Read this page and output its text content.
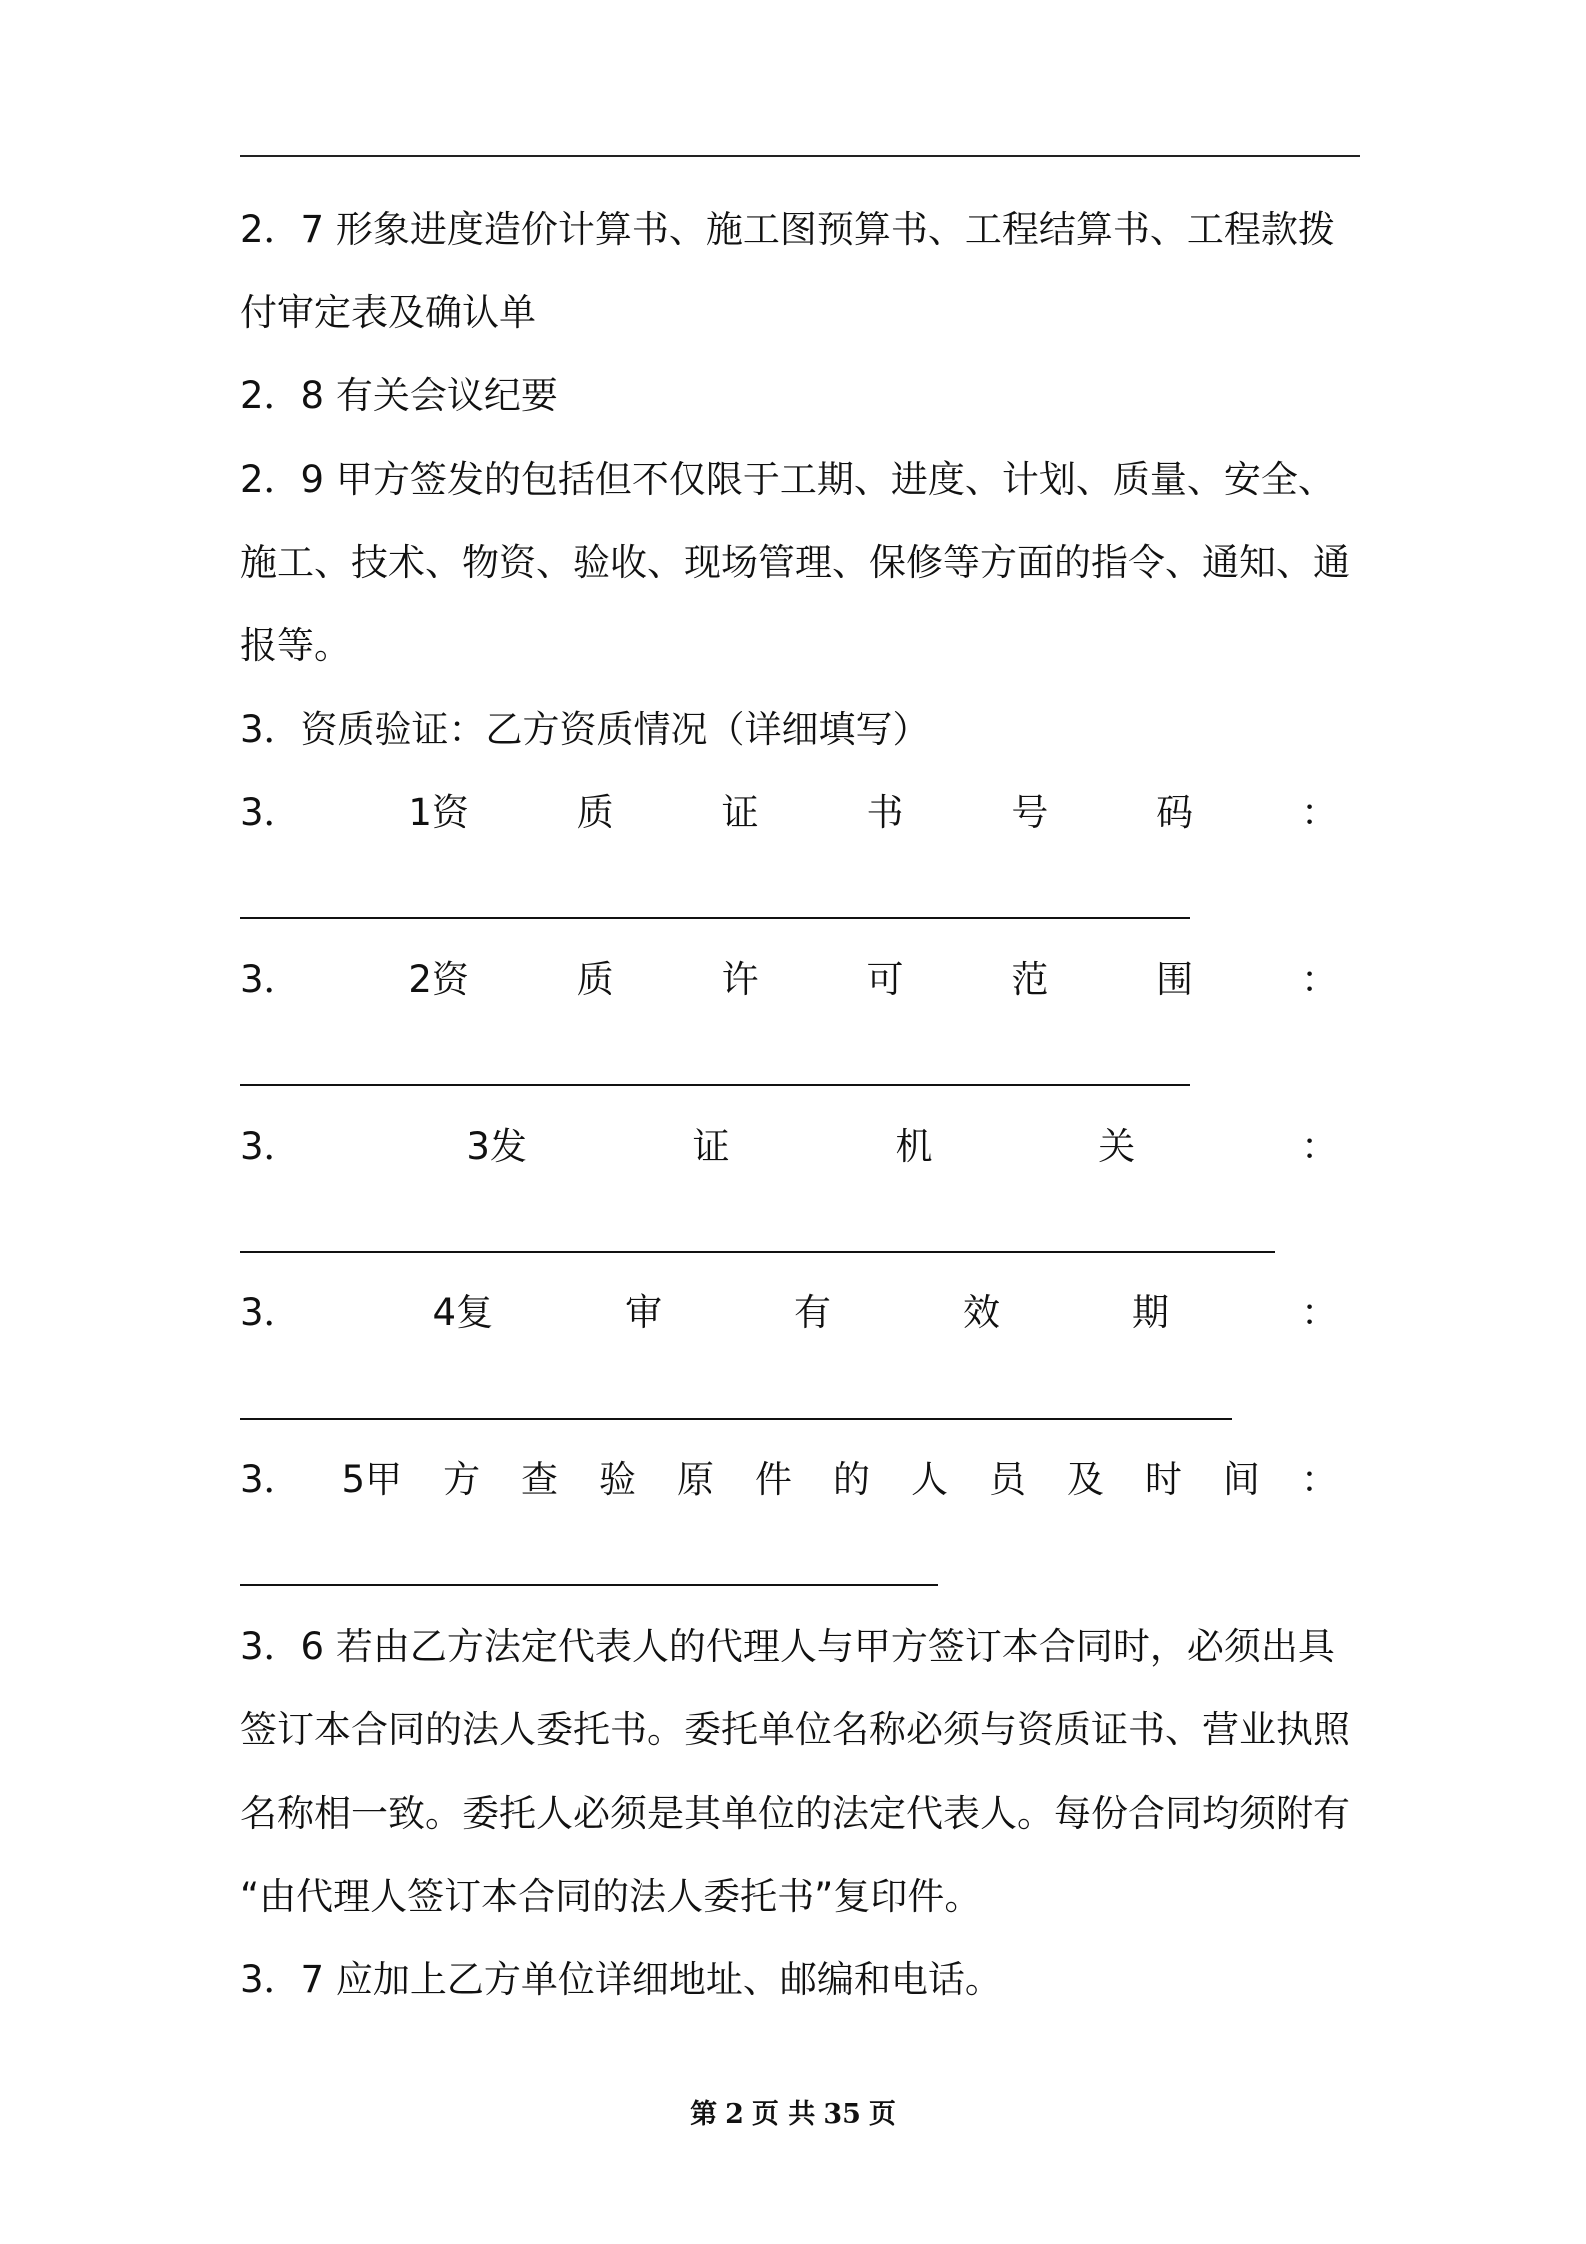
2．7 形象进度造价计算书、施工图预算书、工程结算书、工程款拨
付审定表及确认单
2．8 有关会议纪要
2．9 甲方签发的包括但不仅限于工期、进度、计划、质量、安全、
施工、技术、物资、验收、现场管理、保修等方面的指令、通知、通
报等。
3．资质验证：乙方资质情况（详细填写）
3．	1资	质	证	书	号	码	：
3．	2资	质	许	可	范	围	：
3．	3发	证	机	关	：
3．	4复	审	有	效	期	：
3． 5甲 方 查 验 原 件 的 人 员 及 时 间 ：
3．6 若由乙方法定代表人的代理人与甲方签订本合同时，必须出具
签订本合同的法人委托书。委托单位名称必须与资质证书、营业执照
名称相一致。委托人必须是其单位的法定代表人。每份合同均须附有
“由代理人签订本合同的法人委托书”复印件。
3．7 应加上乙方单位详细地址、邮编和电话。
第 2 页 共 35 页
